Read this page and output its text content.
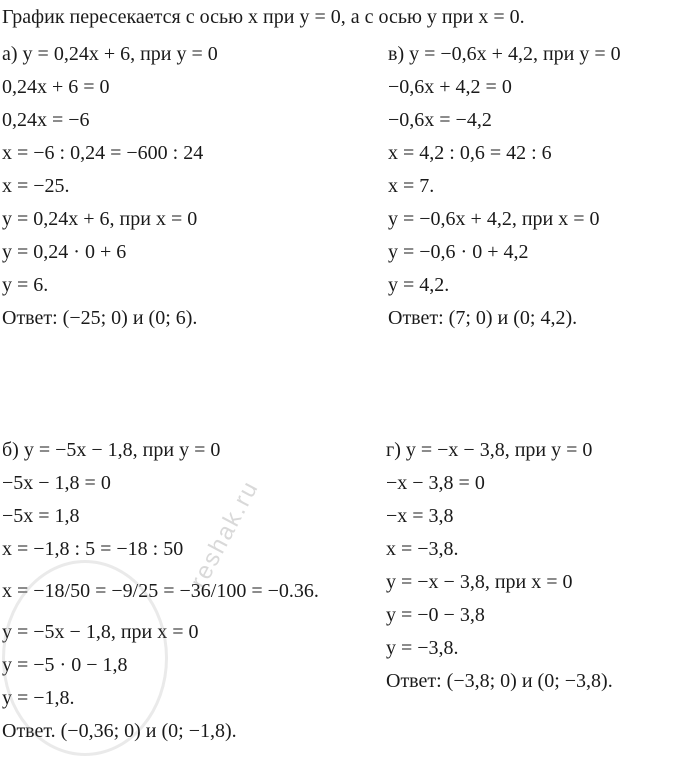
График пересекается с осью x при y = 0, а с осью y при x = 0.
а) y = 0,24x + 6, при y = 0
0,24x + 6 = 0
0,24x = −6
x = −6 : 0,24 = −600 : 24
x = −25.
y = 0,24x + 6, при x = 0
y = 0,24 · 0 + 6
y = 6.
Ответ: (−25; 0) и (0; 6).
в) y = −0,6x + 4,2, при y = 0
−0,6x + 4,2 = 0
−0,6x = −4,2
x = 4,2 : 0,6 = 42 : 6
x = 7.
y = −0,6x + 4,2, при x = 0
y = −0,6 · 0 + 4,2
y = 4,2.
Ответ: (7; 0) и (0; 4,2).
б) y = −5x − 1,8, при y = 0
−5x − 1,8 = 0
−5x = 1,8
x = −1,8 : 5 = −18 : 50
x = −18/50 = −9/25 = −36/100 = −0.36.
y = −5x − 1,8, при x = 0
y = −5 · 0 − 1,8
y = −1,8.
Ответ. (−0,36; 0) и (0; −1,8).
г) y = −x − 3,8, при y = 0
−x − 3,8 = 0
−x = 3,8
x = −3,8.
y = −x − 3,8, при x = 0
y = −0 − 3,8
y = −3,8.
Ответ: (−3,8; 0) и (0; −3,8).
reshak.ru
